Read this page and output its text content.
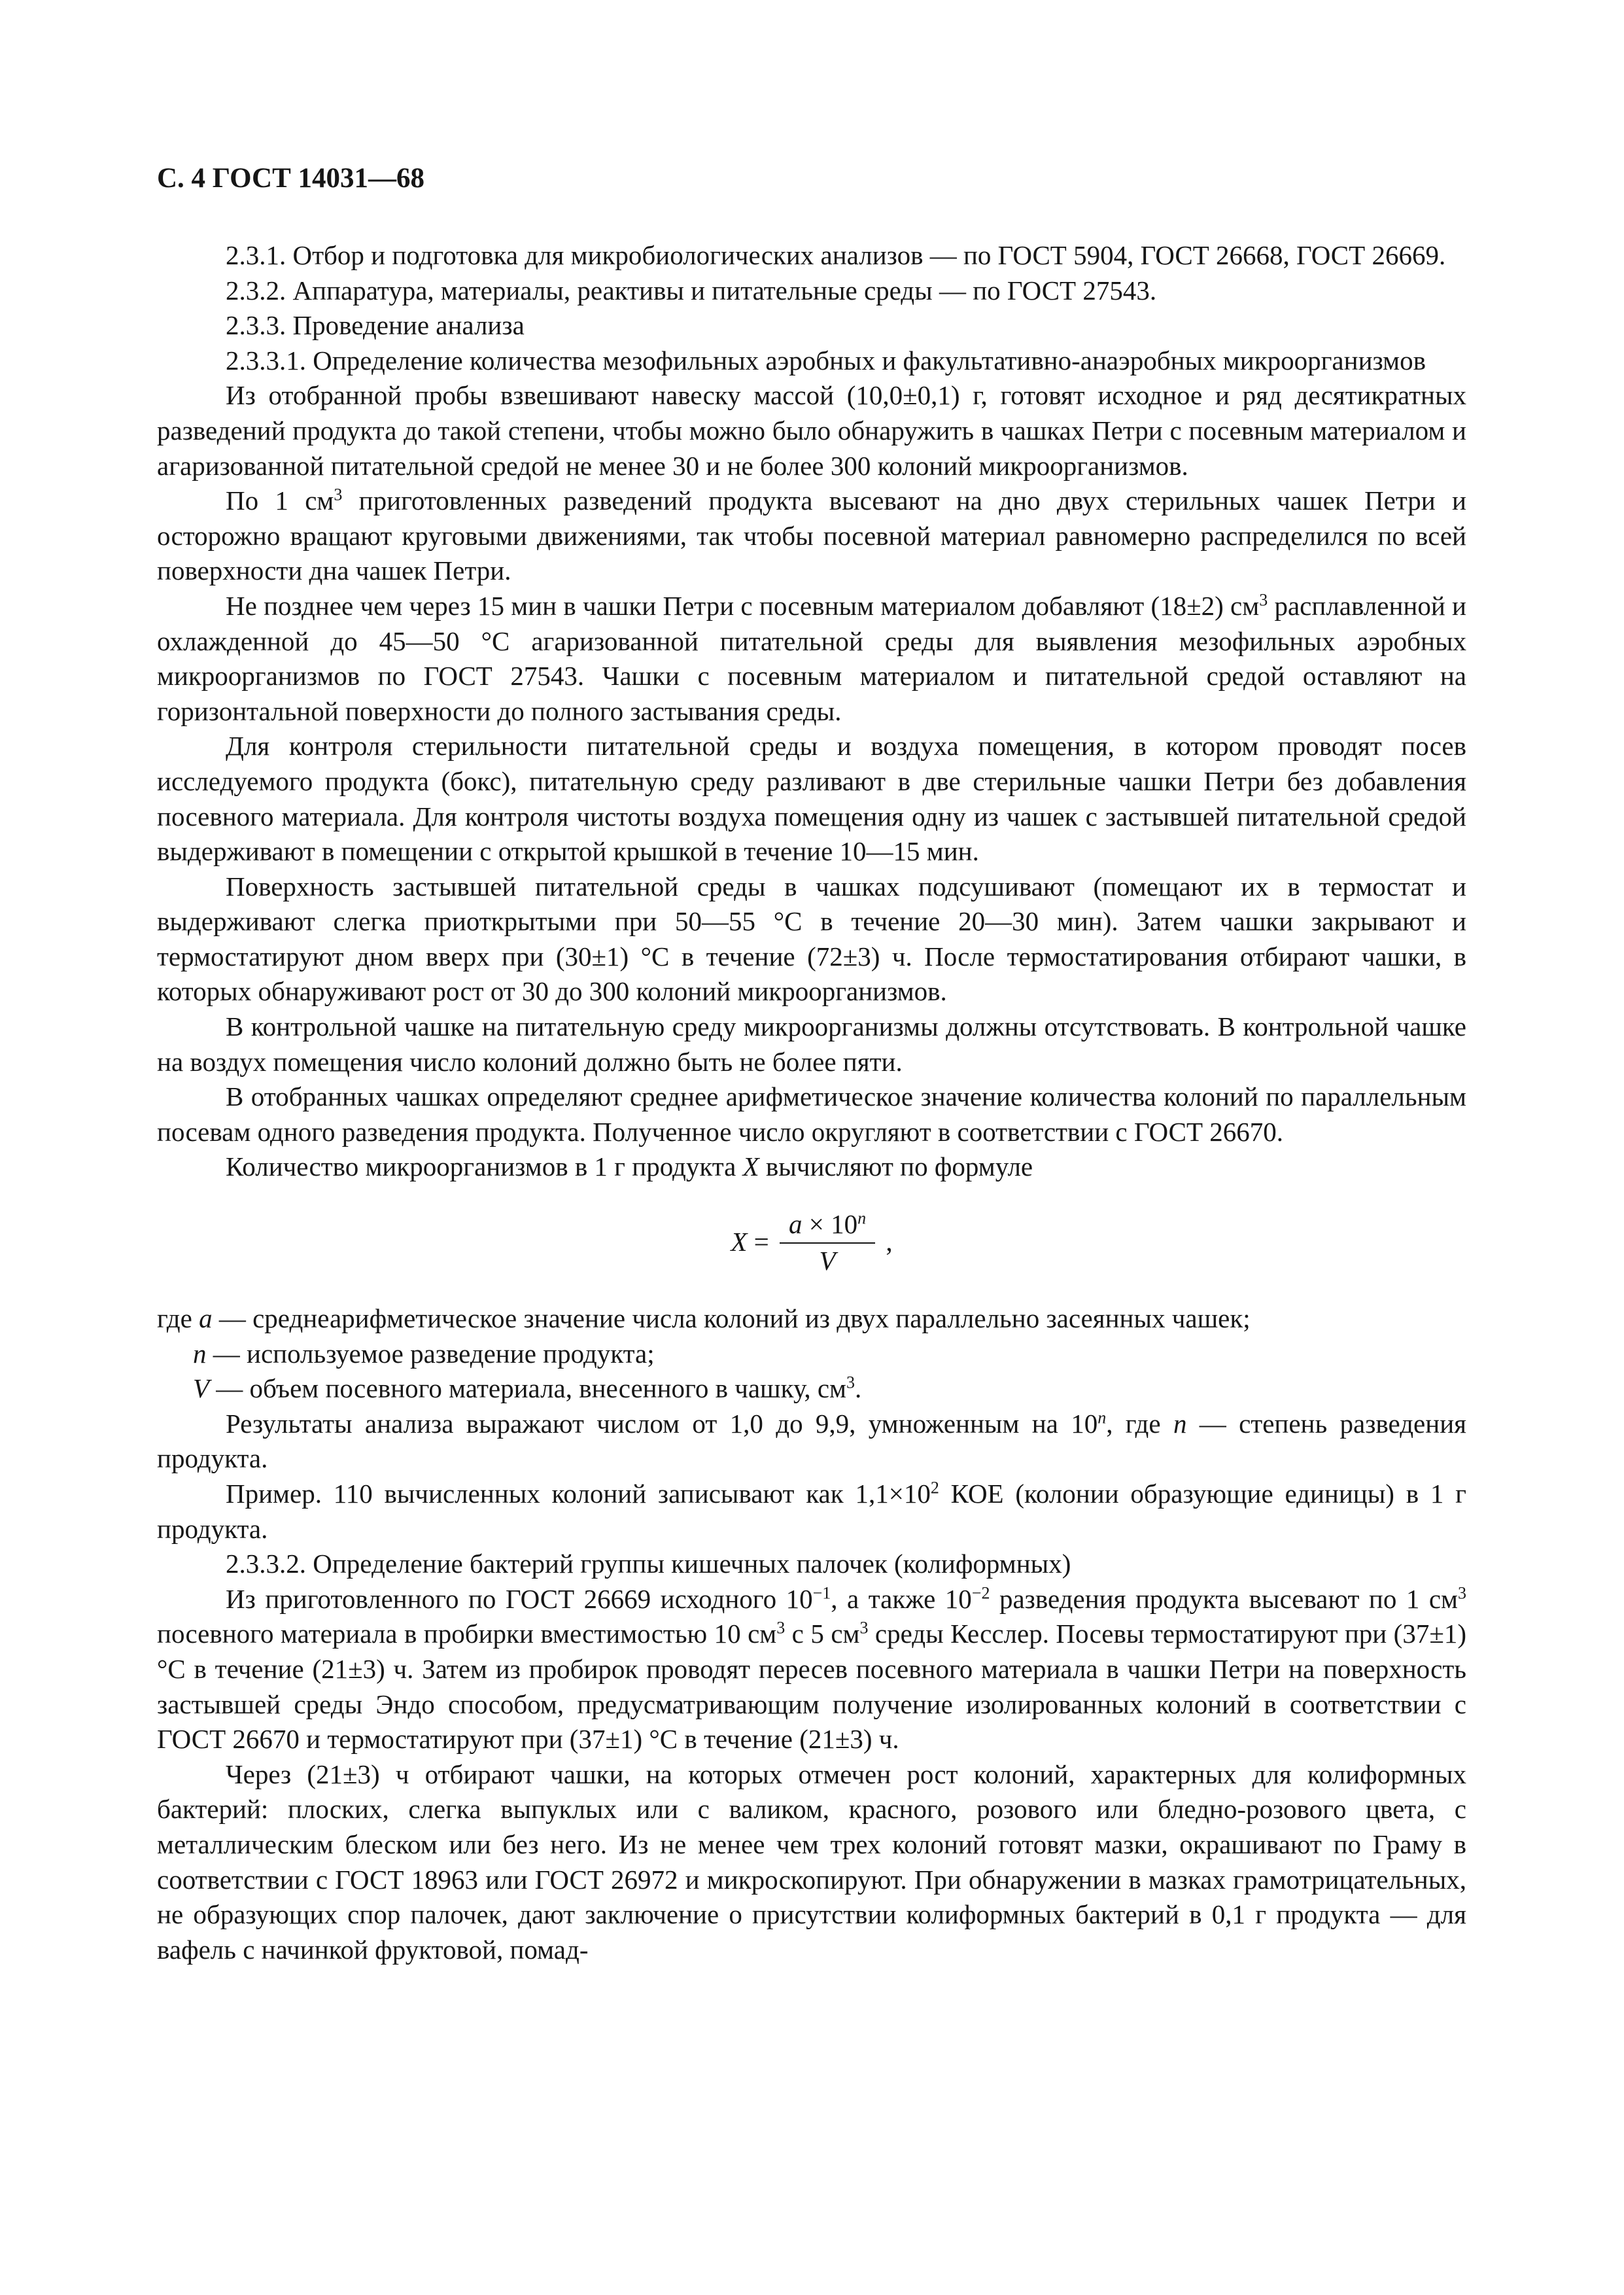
С. 4 ГОСТ 14031—68

2.3.1. Отбор и подготовка для микробиологических анализов — по ГОСТ 5904, ГОСТ 26668, ГОСТ 26669.

2.3.2. Аппаратура, материалы, реактивы и питательные среды — по ГОСТ 27543.

2.3.3. Проведение анализа

2.3.3.1. Определение количества мезофильных аэробных и факультативно-анаэробных микроорганизмов

Из отобранной пробы взвешивают навеску массой (10,0±0,1) г, готовят исходное и ряд десятикратных разведений продукта до такой степени, чтобы можно было обнаружить в чашках Петри с посевным материалом и агаризованной питательной средой не менее 30 и не более 300 колоний микроорганизмов.

По 1 $см^3$ приготовленных разведений продукта высевают на дно двух стерильных чашек Петри и осторожно вращают круговыми движениями, так чтобы посевной материал равномерно распределился по всей поверхности дна чашек Петри.

Не позднее чем через 15 мин в чашки Петри с посевным материалом добавляют (18±2) $см^3$ расплавленной и охлажденной до 45—50 °С агаризованной питательной среды для выявления мезофильных аэробных микроорганизмов по ГОСТ 27543. Чашки с посевным материалом и питательной средой оставляют на горизонтальной поверхности до полного застывания среды.

Для контроля стерильности питательной среды и воздуха помещения, в котором проводят посев исследуемого продукта (бокс), питательную среду разливают в две стерильные чашки Петри без добавления посевного материала. Для контроля чистоты воздуха помещения одну из чашек с застывшей питательной средой выдерживают в помещении с открытой крышкой в течение 10—15 мин.

Поверхность застывшей питательной среды в чашках подсушивают (помещают их в термостат и выдерживают слегка приоткрытыми при 50—55 °С в течение 20—30 мин). Затем чашки закрывают и термостатируют дном вверх при (30±1) °С в течение (72±3) ч. После термостатирования отбирают чашки, в которых обнаруживают рост от 30 до 300 колоний микроорганизмов.

В контрольной чашке на питательную среду микроорганизмы должны отсутствовать. В контрольной чашке на воздух помещения число колоний должно быть не более пяти.

В отобранных чашках определяют среднее арифметическое значение количества колоний по параллельным посевам одного разведения продукта. Полученное число округляют в соответствии с ГОСТ 26670.

Количество микроорганизмов в 1 г продукта X вычисляют по формуле

$X = \frac{a \times 10^n}{V}$ ,

где a — среднеарифметическое значение числа колоний из двух параллельно засеянных чашек;

n — используемое разведение продукта;

V — объем посевного материала, внесенного в чашку, $см^3$.

Результаты анализа выражают числом от 1,0 до 9,9, умноженным на 10$^n$, где n — степень разведения продукта.

Пример. 110 вычисленных колоний записывают как $1,1\times 10^2$ КОЕ (колонии образующие единицы) в 1 г продукта.

2.3.3.2. Определение бактерий группы кишечных палочек (колиформных)

Из приготовленного по ГОСТ 26669 исходного $10^{-1}$, а также $10^{-2}$ разведения продукта высевают по 1 $см^3$ посевного материала в пробирки вместимостью 10 $см^3$ с 5 $см^3$ среды Кесслер. Посевы термостатируют при (37±1) °С в течение (21±3) ч. Затем из пробирок проводят пересев посевного материала в чашки Петри на поверхность застывшей среды Эндо способом, предусматривающим получение изолированных колоний в соответствии с ГОСТ 26670 и термостатируют при (37±1) °С в течение (21±3) ч.

Через (21±3) ч отбирают чашки, на которых отмечен рост колоний, характерных для колиформных бактерий: плоских, слегка выпуклых или с валиком, красного, розового или бледно-розового цвета, с металлическим блеском или без него. Из не менее чем трех колоний готовят мазки, окрашивают по Граму в соответствии с ГОСТ 18963 или ГОСТ 26972 и микроскопируют. При обнаружении в мазках грамотрицательных, не образующих спор палочек, дают заключение о присутствии колиформных бактерий в 0,1 г продукта — для вафель с начинкой фруктовой, помад-
